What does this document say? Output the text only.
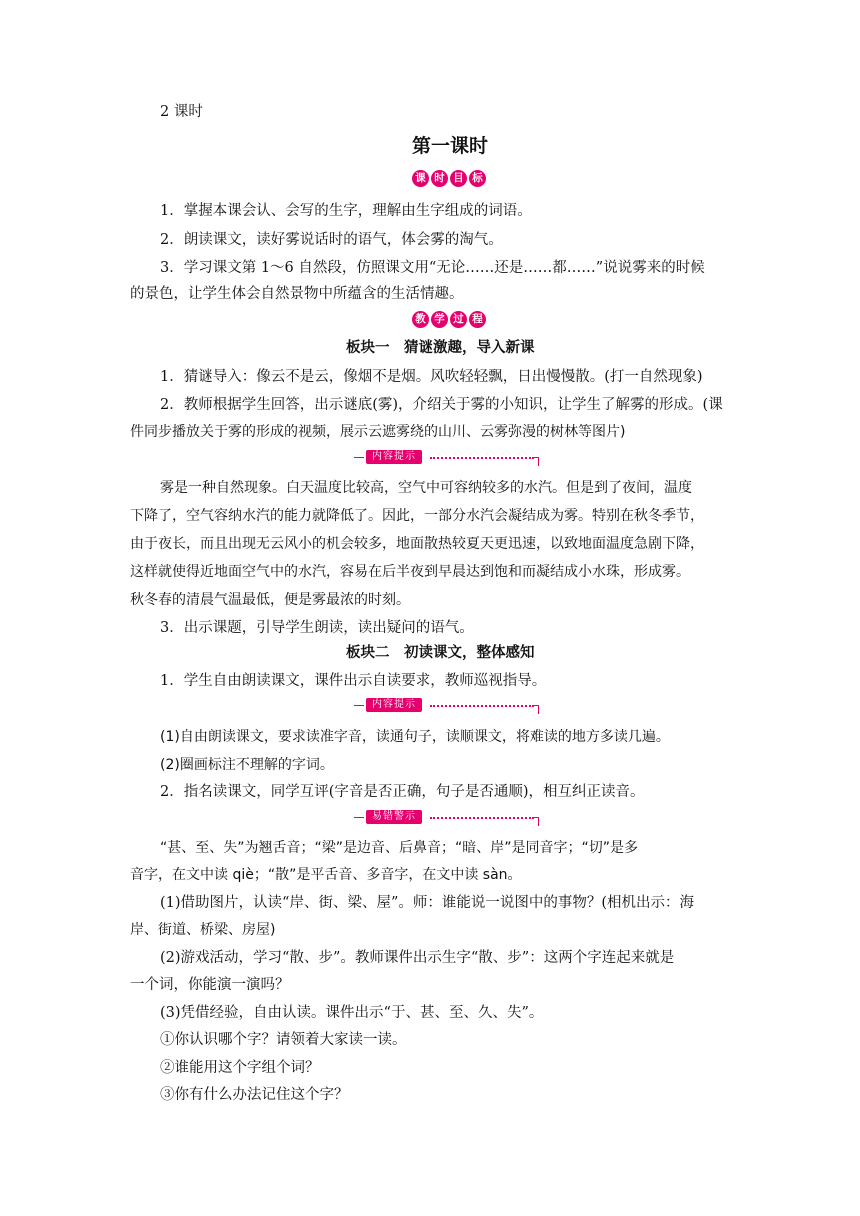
2 课时
第一课时
课 时 目 标
1．掌握本课会认、会写的生字，理解由生字组成的词语。
2．朗读课文，读好雾说话时的语气，体会雾的淘气。
3．学习课文第 1～6 自然段，仿照课文用“无论……还是……都……”说说雾来的时候
的景色，让学生体会自然景物中所蕴含的生活情趣。
教 学 过 程
板块一　猜谜激趣，导入新课
1．猜谜导入：像云不是云，像烟不是烟。风吹轻轻飘，日出慢慢散。(打一自然现象)
2．教师根据学生回答，出示谜底(雾)，介绍关于雾的小知识，让学生了解雾的形成。(课
件同步播放关于雾的形成的视频，展示云遮雾绕的山川、云雾弥漫的树林等图片)
内容提示
雾是一种自然现象。白天温度比较高，空气中可容纳较多的水汽。但是到了夜间，温度
下降了，空气容纳水汽的能力就降低了。因此，一部分水汽会凝结成为雾。特别在秋冬季节，
由于夜长，而且出现无云风小的机会较多，地面散热较夏天更迅速，以致地面温度急剧下降，
这样就使得近地面空气中的水汽，容易在后半夜到早晨达到饱和而凝结成小水珠，形成雾。
秋冬春的清晨气温最低，便是雾最浓的时刻。
3．出示课题，引导学生朗读，读出疑问的语气。
板块二　初读课文，整体感知
1．学生自由朗读课文，课件出示自读要求，教师巡视指导。
内容提示
(1)自由朗读课文，要求读准字音，读通句子，读顺课文，将难读的地方多读几遍。
(2)圈画标注不理解的字词。
2．指名读课文，同学互评(字音是否正确，句子是否通顺)，相互纠正读音。
易错警示
“甚、至、失”为翘舌音；“梁”是边音、后鼻音；“暗、岸”是同音字；“切”是多
音字，在文中读 qiè；“散”是平舌音、多音字，在文中读 sàn。
(1)借助图片，认读“岸、街、梁、屋”。师：谁能说一说图中的事物？(相机出示：海
岸、街道、桥梁、房屋)
(2)游戏活动，学习“散、步”。教师课件出示生字“散、步”：这两个字连起来就是
一个词，你能演一演吗？
(3)凭借经验，自由认读。课件出示“于、甚、至、久、失”。
①你认识哪个字？请领着大家读一读。
②谁能用这个字组个词？
③你有什么办法记住这个字？
